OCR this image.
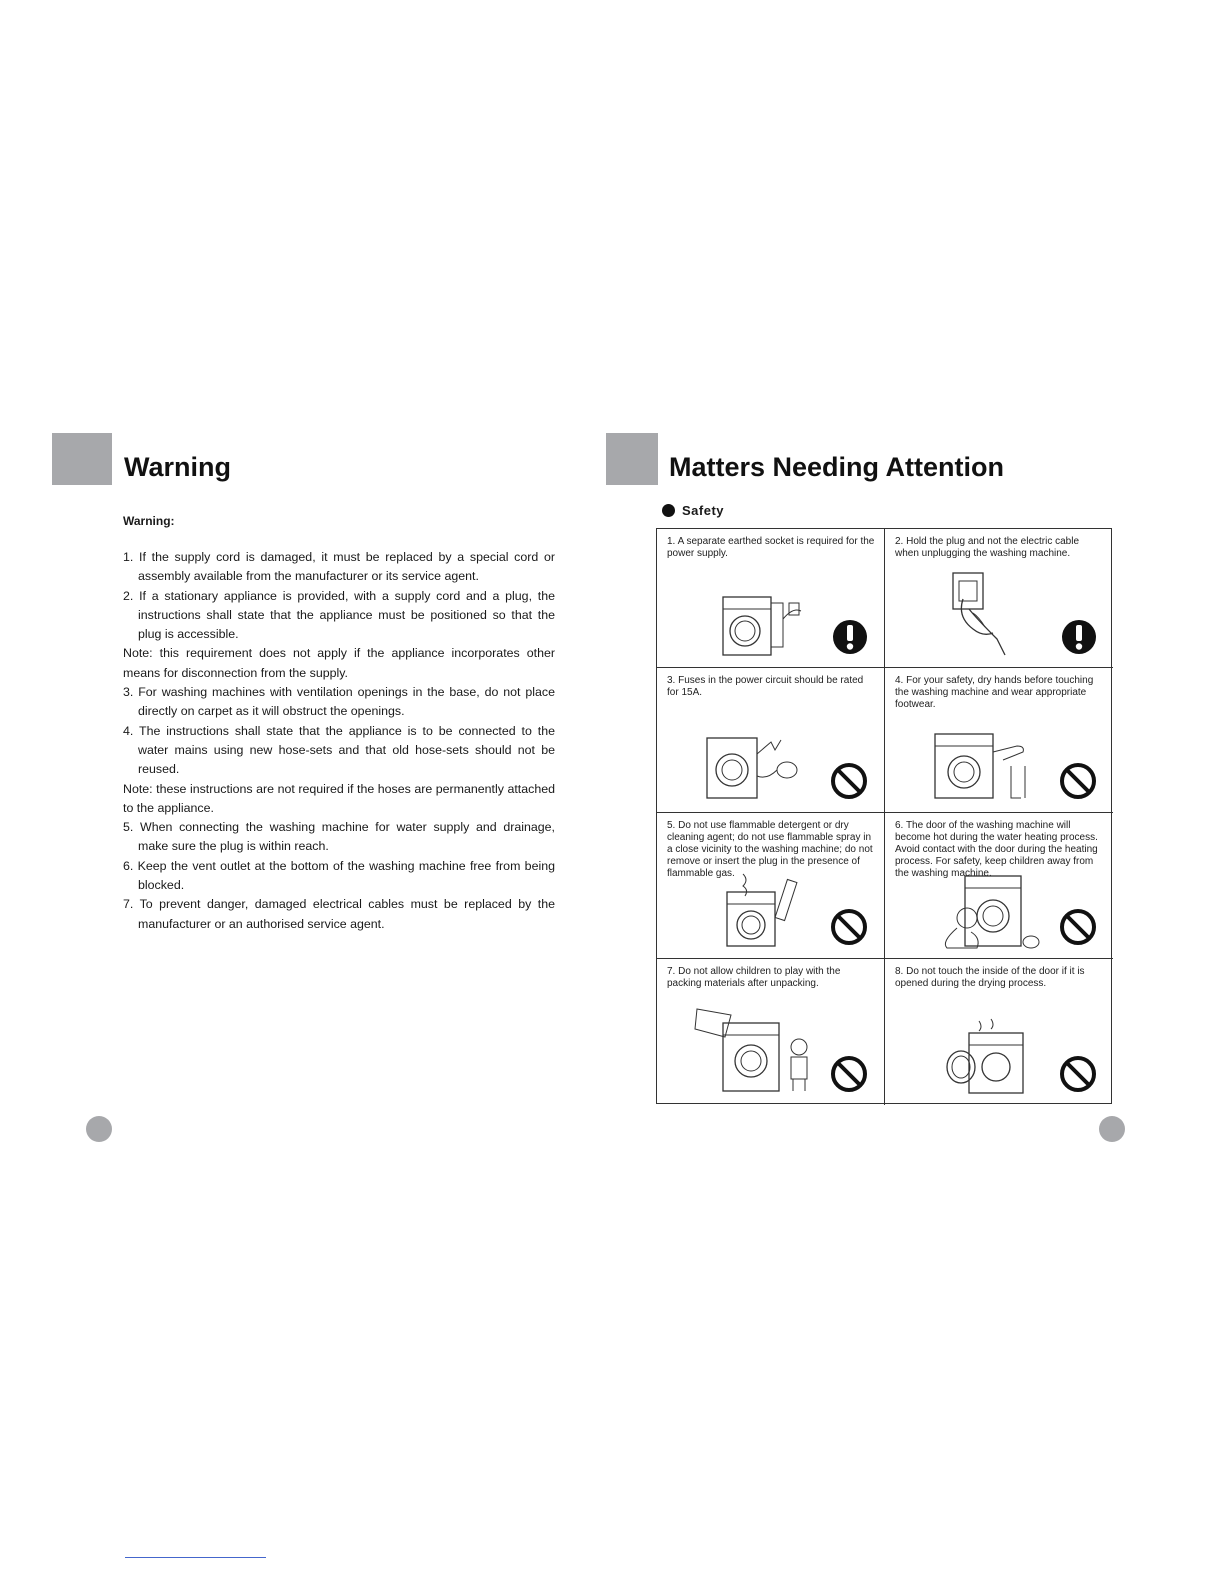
Warning
Warning:

1. If the supply cord is damaged, it must be replaced by a special cord or assembly available from the manufacturer or its service agent.

2. If a stationary appliance is provided, with a supply cord and a plug, the instructions shall state that the appliance must be positioned so that the plug is accessible.

Note: this requirement does not apply if the appliance incorporates other means for disconnection from the supply.

3. For washing machines with ventilation openings in the base, do not place directly on carpet as it will obstruct the openings.

4. The instructions shall state that the appliance is to be connected to the water mains using new hose-sets and that old hose-sets should not be reused.

Note: these instructions are not required if the hoses are permanently attached to the appliance.

5. When connecting the washing machine for water supply and drainage, make sure the plug is within reach.

6. Keep the vent outlet at the bottom of the washing machine free from being blocked.

7. To prevent danger, damaged electrical cables must be replaced by the manufacturer or an authorised service agent.

Matters Needing Attention
Safety
1. A separate earthed socket is required for the power supply.
2. Hold the plug and not the electric cable when unplugging the washing machine.
3. Fuses in the power circuit should be rated for 15A.
4. For your safety, dry hands before touching the washing machine and wear appropriate footwear.
5. Do not use flammable detergent or dry cleaning agent; do not use flammable spray in a close vicinity to the washing machine; do not remove or insert the plug in the presence of flammable gas.
6. The door of the washing machine will become hot during the water heating process. Avoid contact with the door during the heating process. For safety, keep children away from the washing machine.
7. Do not allow children to play with the packing materials after unpacking.
8. Do not touch the inside of the door if it is opened during the drying process.
